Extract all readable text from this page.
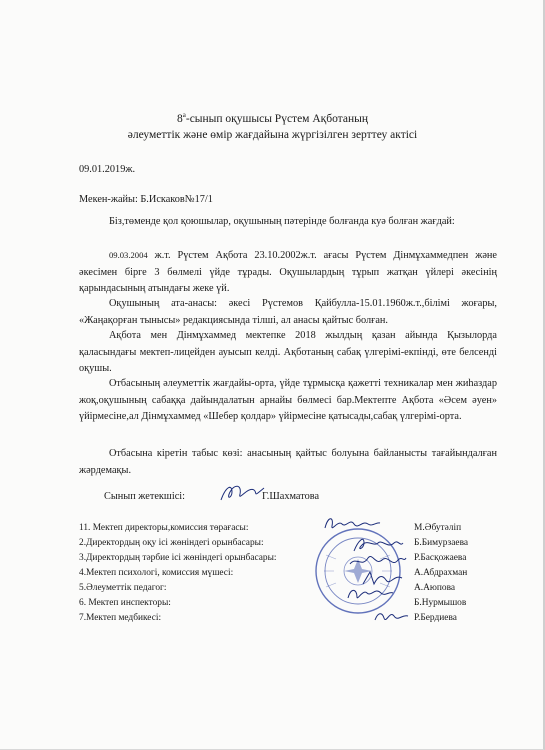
8$^a$-сынып оқушысы Рүстем Ақботаның
әлеуметтік және өмір жағдайына жүргізілген зерттеу актісі
09.01.2019ж.
Мекен-жайы: Б.Искаков№17/1
Біз,төменде қол қоюшылар, оқушының пәтерінде болғанда куә болған жағдай:
09.03.2004 ж.т. Рүстем Ақбота 23.10.2002ж.т. ағасы Рүстем Дінмұхаммедпен және әкесімен бірге 3 бөлмелі үйде тұрады. Оқушылардың тұрып жатқан үйлері әкесінің қарындасының атындағы жеке үй.
Оқушының ата-анасы: әкесі Рүстемов Қайбулла-15.01.1960ж.т.,білімі жоғары, «Жаңақорған тынысы» редакциясында тілші, ал анасы қайтыс болған.
Ақбота мен Дінмұхаммед мектепке 2018 жылдың қазан айында Қызылорда қаласындағы мектеп-лицейден ауысып келді. Ақботаның сабақ үлгерімі-екпінді, өте белсенді оқушы.
Отбасының әлеуметтік жағдайы-орта, үйде тұрмысқа қажетті техникалар мен жиһаздар жоқ,оқушының сабаққа дайындалатын арнайы бөлмесі бар.Мектепте Ақбота «Әсем әуен» үйірмесіне,ал Дінмұхаммед «Шебер қолдар» үйірмесіне қатысады,сабақ үлгерімі-орта.
Отбасына кіретін табыс көзі: анасының қайтыс болуына байланысты тағайындалған жәрдемақы.
Сынып жетекшісі:	Г.Шахматова
11. Мектеп директоры,комиссия төрағасы:
2.Директордың оқу ісі жөніндегі орынбасары:
3.Директордың тәрбие ісі жөніндегі орынбасары:
4.Мектеп психологі, комиссия мүшесі:
5.Әлеуметтік педагог:
6. Мектеп инспекторы:
7.Мектеп медбикесі:
М.Әбутәліп
Б.Бимурзаева
Р.Басқожаева
А.Абдрахман
А.Аюпова
Б.Нурмышов
Р.Бердиева
